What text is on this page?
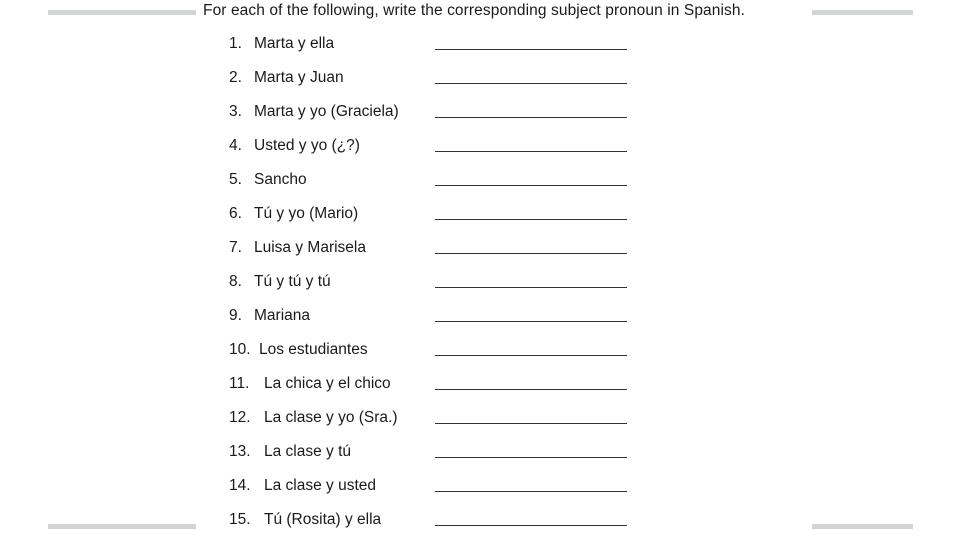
For each of the following, write the corresponding subject pronoun in Spanish.
1. Marta y ella
2. Marta y Juan
3. Marta y yo (Graciela)
4. Usted y yo (¿?)
5. Sancho
6. Tú y yo (Mario)
7. Luisa y Marisela
8. Tú y tú y tú
9. Mariana
10. Los estudiantes
11. La chica y el chico
12. La clase y yo (Sra.)
13. La clase y tú
14. La clase y usted
15. Tú (Rosita) y ella
